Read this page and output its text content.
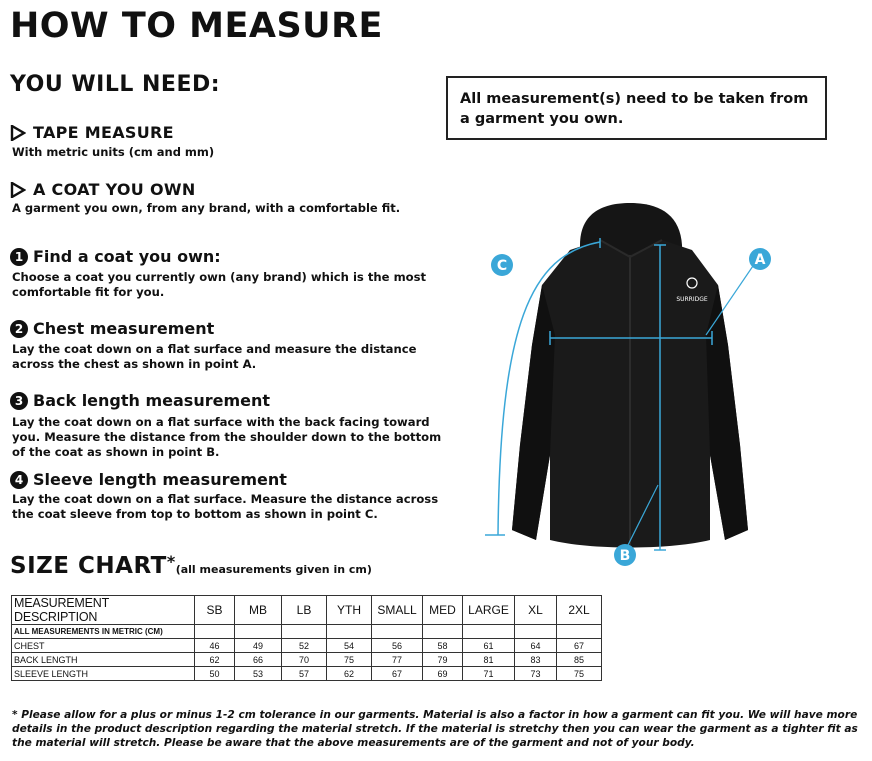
HOW TO MEASURE
YOU WILL NEED:
TAPE MEASURE
With metric units (cm and mm)
A COAT YOU OWN
A garment you own, from any brand, with a comfortable fit.
All measurement(s) need to be taken from a garment you own.
1 Find a coat you own:
Choose a coat you currently own (any brand) which is the most comfortable fit for you.
2 Chest measurement
Lay the coat down on a flat surface and measure the distance across the chest as shown in point A.
3 Back length measurement
Lay the coat down on a flat surface with the back facing toward you. Measure the distance from the shoulder down to the bottom of the coat as shown in point B.
4 Sleeve length measurement
Lay the coat down on a flat surface. Measure the distance across the coat sleeve from top to bottom as shown in point C.
SURRIDGE
A
B
C
SIZE CHART*(all measurements given in cm)
MEASUREMENT DESCRIPTION	SB	MB	LB	YTH	SMALL	MED	LARGE	XL	2XL
ALL MEASUREMENTS IN METRIC (CM)									
CHEST	46	49	52	54	56	58	61	64	67
BACK LENGTH	62	66	70	75	77	79	81	83	85
SLEEVE LENGTH	50	53	57	62	67	69	71	73	75
* Please allow for a plus or minus 1-2 cm tolerance in our garments. Material is also a factor in how a garment can fit you. We will have more details in the product description regarding the material stretch. If the material is stretchy then you can wear the garment as a tighter fit as the material will stretch. Please be aware that the above measurements are of the garment and not of your body.
